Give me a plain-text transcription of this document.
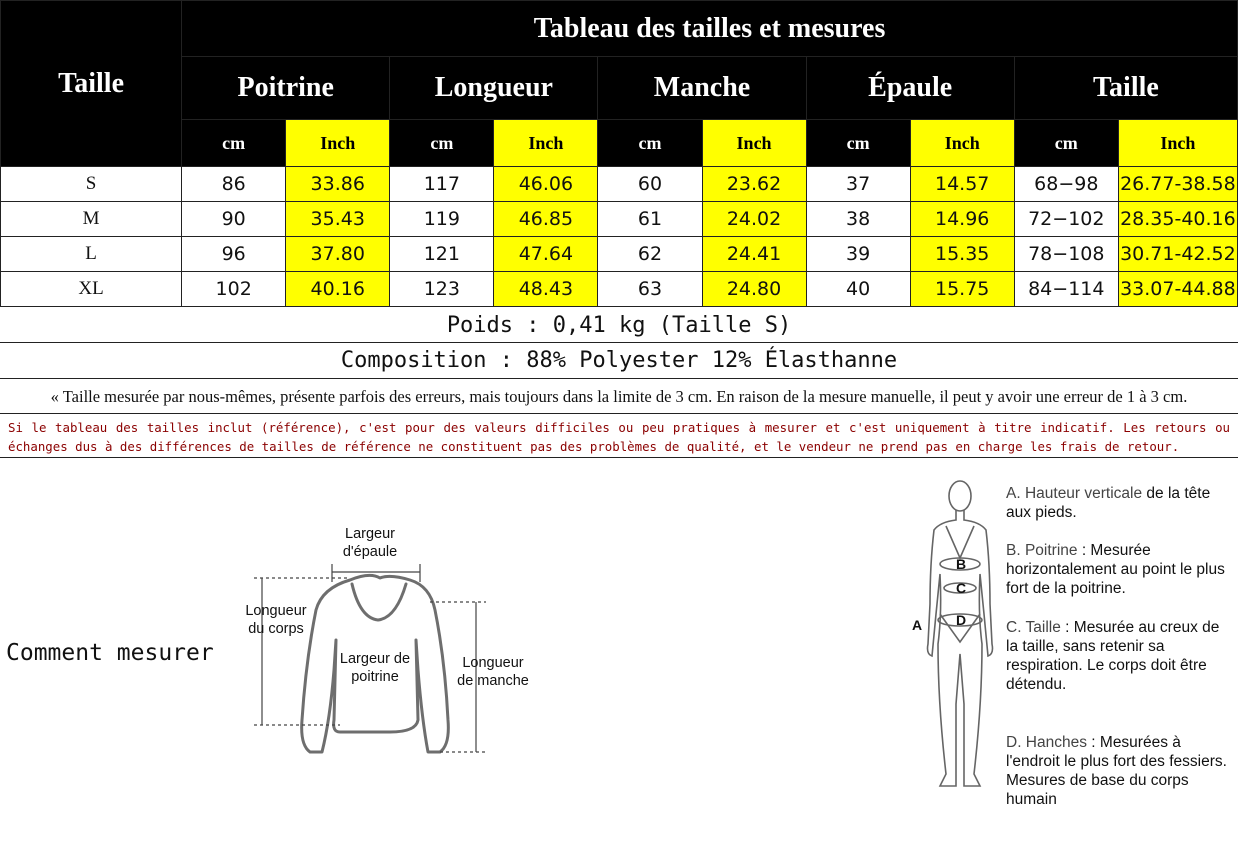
Taille	Tableau des tailles et mesures									
	Poitrine		Longueur		Manche		Épaule		Taille	
	cm	Inch	cm	Inch	cm	Inch	cm	Inch	cm	Inch
S	86	33.86	117	46.06	60	23.62	37	14.57	68−98	26.77-38.58
M	90	35.43	119	46.85	61	24.02	38	14.96	72−102	28.35-40.16
L	96	37.80	121	47.64	62	24.41	39	15.35	78−108	30.71-42.52
XL	102	40.16	123	48.43	63	24.80	40	15.75	84−114	33.07-44.88
Poids : 0,41 kg (Taille S)
Composition : 88% Polyester 12% Élasthanne
« Taille mesurée par nous-mêmes, présente parfois des erreurs, mais toujours dans la limite de 3 cm. En raison de la mesure manuelle, il peut y avoir une erreur de 1 à 3 cm.
Si le tableau des tailles inclut (référence), c'est pour des valeurs difficiles ou peu pratiques à mesurer et c'est uniquement à titre indicatif. Les retours ou échanges dus à des différences de tailles de référence ne constituent pas des problèmes de qualité, et le vendeur ne prend pas en charge les frais de retour.
Comment mesurer
Largeur
d'épaule
Longueur
du corps
Largeur de
poitrine
Longueur
de manche
A
B
C
D
A. Hauteur verticale de la tête aux pieds.
B. Poitrine : Mesurée horizontalement au point le plus fort de la poitrine.
C. Taille : Mesurée au creux de la taille, sans retenir sa respiration. Le corps doit être détendu.
D. Hanches : Mesurées à l'endroit le plus fort des fessiers. Mesures de base du corps humain
